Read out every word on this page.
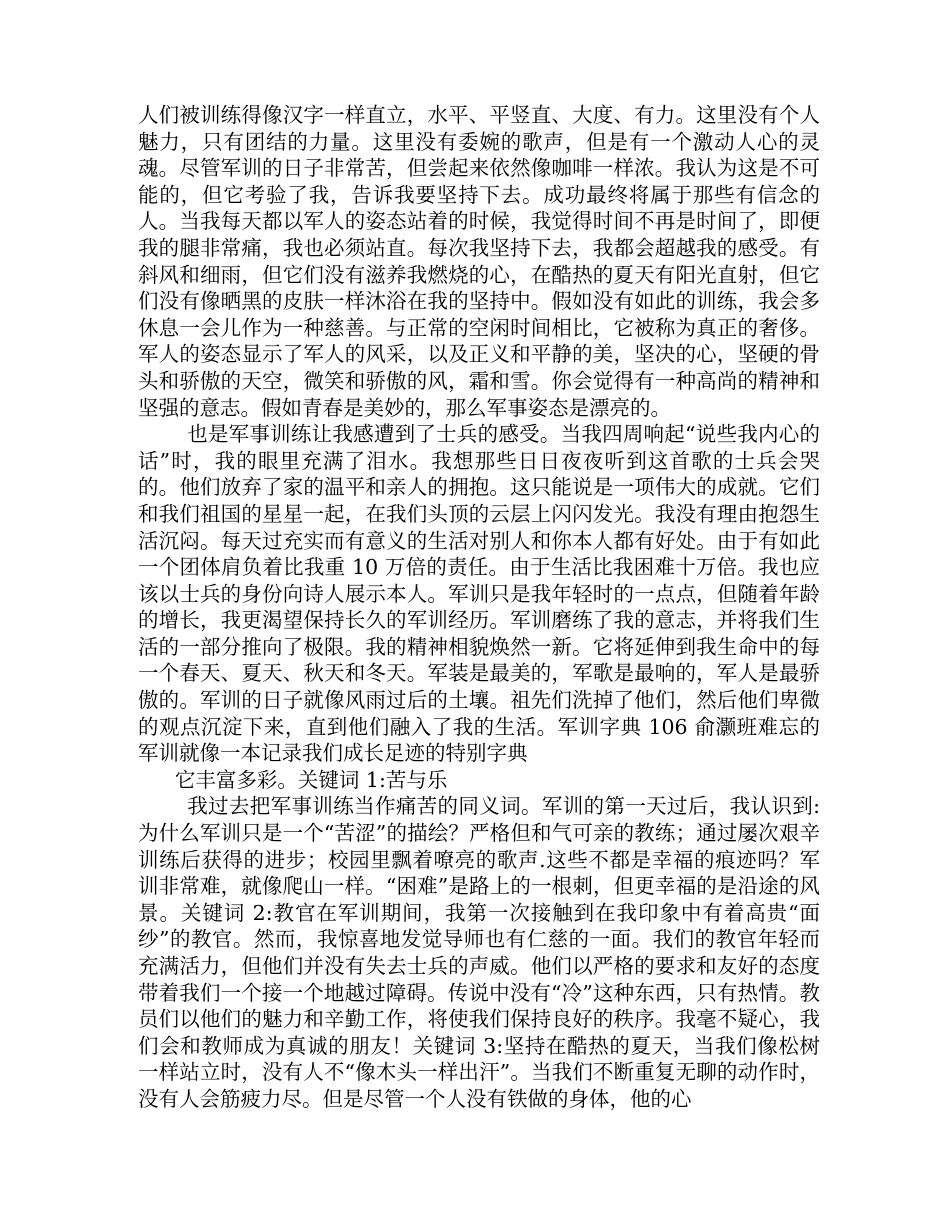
人们被训练得像汉字一样直立，水平、平竖直、大度、有力。这里没有个人魅力，只有团结的力量。这里没有委婉的歌声，但是有一个激动人心的灵魂。尽管军训的日子非常苦，但尝起来依然像咖啡一样浓。我认为这是不可能的，但它考验了我，告诉我要坚持下去。成功最终将属于那些有信念的人。当我每天都以军人的姿态站着的时候，我觉得时间不再是时间了，即便我的腿非常痛，我也必须站直。每次我坚持下去，我都会超越我的感受。有斜风和细雨，但它们没有滋养我燃烧的心，在酷热的夏天有阳光直射，但它们没有像晒黑的皮肤一样沐浴在我的坚持中。假如没有如此的训练，我会多休息一会儿作为一种慈善。与正常的空闲时间相比，它被称为真正的奢侈。军人的姿态显示了军人的风采，以及正义和平静的美，坚决的心，坚硬的骨头和骄傲的天空，微笑和骄傲的风，霜和雪。你会觉得有一种高尚的精神和坚强的意志。假如青春是美妙的，那么军事姿态是漂亮的。

也是军事训练让我感遭到了士兵的感受。当我四周响起“说些我内心的话”时，我的眼里充满了泪水。我想那些日日夜夜听到这首歌的士兵会哭的。他们放弃了家的温平和亲人的拥抱。这只能说是一项伟大的成就。它们和我们祖国的星星一起，在我们头顶的云层上闪闪发光。我没有理由抱怨生活沉闷。每天过充实而有意义的生活对别人和你本人都有好处。由于有如此一个团体肩负着比我重 10 万倍的责任。由于生活比我困难十万倍。我也应该以士兵的身份向诗人展示本人。军训只是我年轻时的一点点，但随着年龄的增长，我更渴望保持长久的军训经历。军训磨练了我的意志，并将我们生活的一部分推向了极限。我的精神相貌焕然一新。它将延伸到我生命中的每一个春天、夏天、秋天和冬天。军装是最美的，军歌是最响的，军人是最骄傲的。军训的日子就像风雨过后的土壤。祖先们洗掉了他们，然后他们卑微的观点沉淀下来，直到他们融入了我的生活。军训字典 106 俞灏班难忘的军训就像一本记录我们成长足迹的特别字典

它丰富多彩。关键词 1:苦与乐

我过去把军事训练当作痛苦的同义词。军训的第一天过后，我认识到:为什么军训只是一个“苦涩”的描绘？严格但和气可亲的教练；通过屡次艰辛训练后获得的进步；校园里飘着嘹亮的歌声.这些不都是幸福的痕迹吗？军训非常难，就像爬山一样。“困难”是路上的一根刺，但更幸福的是沿途的风景。关键词 2:教官在军训期间，我第一次接触到在我印象中有着高贵“面纱”的教官。然而，我惊喜地发觉导师也有仁慈的一面。我们的教官年轻而充满活力，但他们并没有失去士兵的声威。他们以严格的要求和友好的态度带着我们一个接一个地越过障碍。传说中没有“冷”这种东西，只有热情。教员们以他们的魅力和辛勤工作，将使我们保持良好的秩序。我毫不疑心，我们会和教师成为真诚的朋友！关键词 3:坚持在酷热的夏天，当我们像松树一样站立时，没有人不“像木头一样出汗”。当我们不断重复无聊的动作时，没有人会筋疲力尽。但是尽管一个人没有铁做的身体，他的心
